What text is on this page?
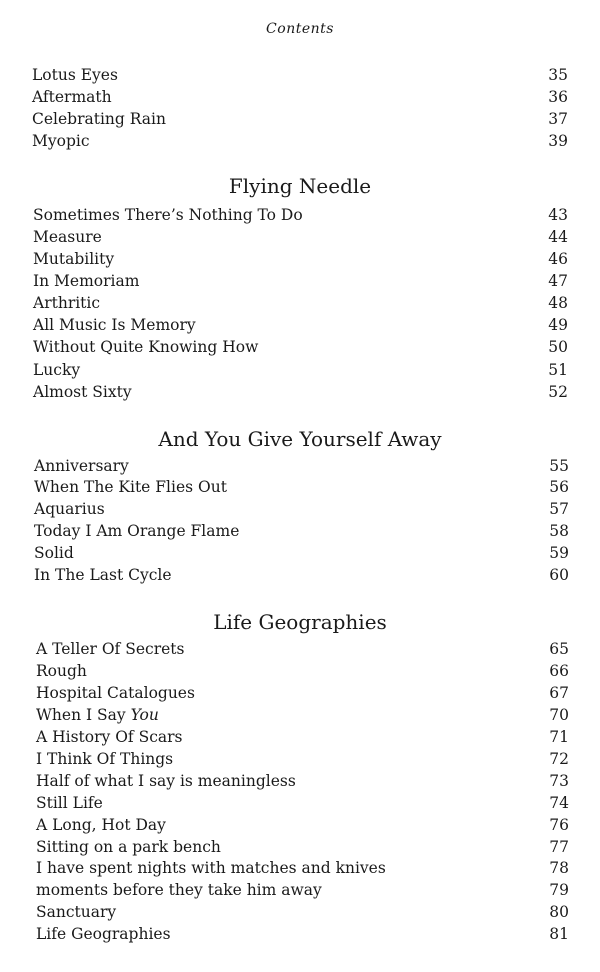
Contents
Lotus Eyes	35
Aftermath	36
Celebrating Rain	37
Myopic	39
Flying Needle
Sometimes There’s Nothing To Do	43
Measure	44
Mutability	46
In Memoriam	47
Arthritic	48
All Music Is Memory	49
Without Quite Knowing How	50
Lucky	51
Almost Sixty	52
And You Give Yourself Away
Anniversary	55
When The Kite Flies Out	56
Aquarius	57
Today I Am Orange Flame	58
Solid	59
In The Last Cycle	60
Life Geographies
A Teller Of Secrets	65
Rough	66
Hospital Catalogues	67
When I Say You	70
A History Of Scars	71
I Think Of Things	72
Half of what I say is meaningless	73
Still Life	74
A Long, Hot Day	76
Sitting on a park bench	77
I have spent nights with matches and knives	78
moments before they take him away	79
Sanctuary	80
Life Geographies	81
